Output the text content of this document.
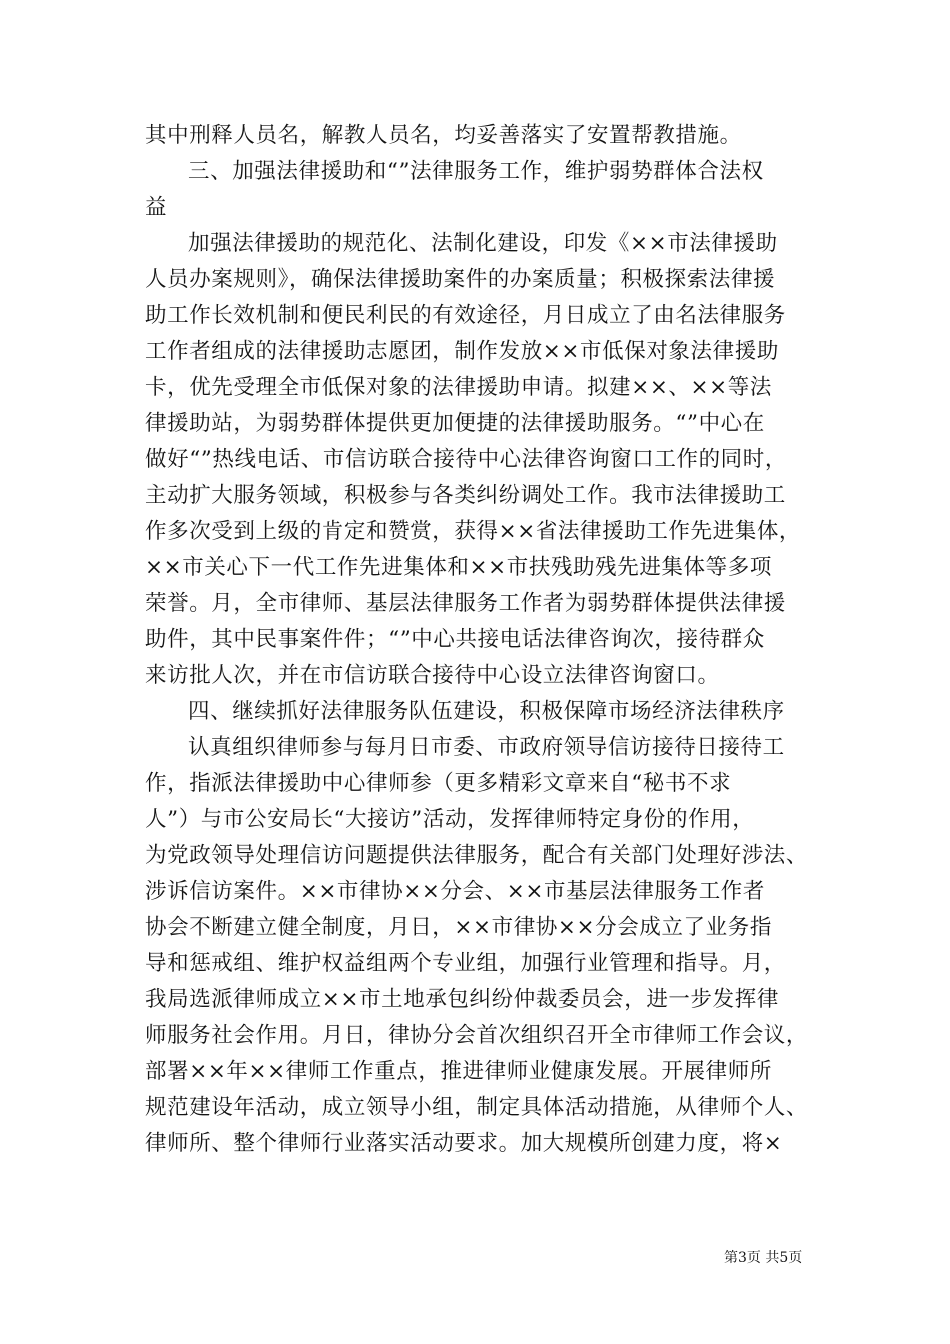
其中刑释人员名，解教人员名，均妥善落实了安置帮教措施。
三、加强法律援助和“”法律服务工作，维护弱势群体合法权
益
加强法律援助的规范化、法制化建设，印发《××市法律援助
人员办案规则》，确保法律援助案件的办案质量；积极探索法律援
助工作长效机制和便民利民的有效途径，月日成立了由名法律服务
工作者组成的法律援助志愿团，制作发放××市低保对象法律援助
卡，优先受理全市低保对象的法律援助申请。拟建××、××等法
律援助站，为弱势群体提供更加便捷的法律援助服务。“”中心在
做好“”热线电话、市信访联合接待中心法律咨询窗口工作的同时，
主动扩大服务领域，积极参与各类纠纷调处工作。我市法律援助工
作多次受到上级的肯定和赞赏，获得××省法律援助工作先进集体，
××市关心下一代工作先进集体和××市扶残助残先进集体等多项
荣誉。月，全市律师、基层法律服务工作者为弱势群体提供法律援
助件，其中民事案件件；“”中心共接电话法律咨询次，接待群众
来访批人次，并在市信访联合接待中心设立法律咨询窗口。
四、继续抓好法律服务队伍建设，积极保障市场经济法律秩序
认真组织律师参与每月日市委、市政府领导信访接待日接待工
作，指派法律援助中心律师参（更多精彩文章来自“秘书不求
人”）与市公安局长“大接访”活动，发挥律师特定身份的作用，
为党政领导处理信访问题提供法律服务，配合有关部门处理好涉法、
涉诉信访案件。××市律协××分会、××市基层法律服务工作者
协会不断建立健全制度，月日，××市律协××分会成立了业务指
导和惩戒组、维护权益组两个专业组，加强行业管理和指导。月，
我局选派律师成立××市土地承包纠纷仲裁委员会，进一步发挥律
师服务社会作用。月日，律协分会首次组织召开全市律师工作会议，
部署××年××律师工作重点，推进律师业健康发展。开展律师所
规范建设年活动，成立领导小组，制定具体活动措施，从律师个人、
律师所、整个律师行业落实活动要求。加大规模所创建力度，将×
第3页 共5页
